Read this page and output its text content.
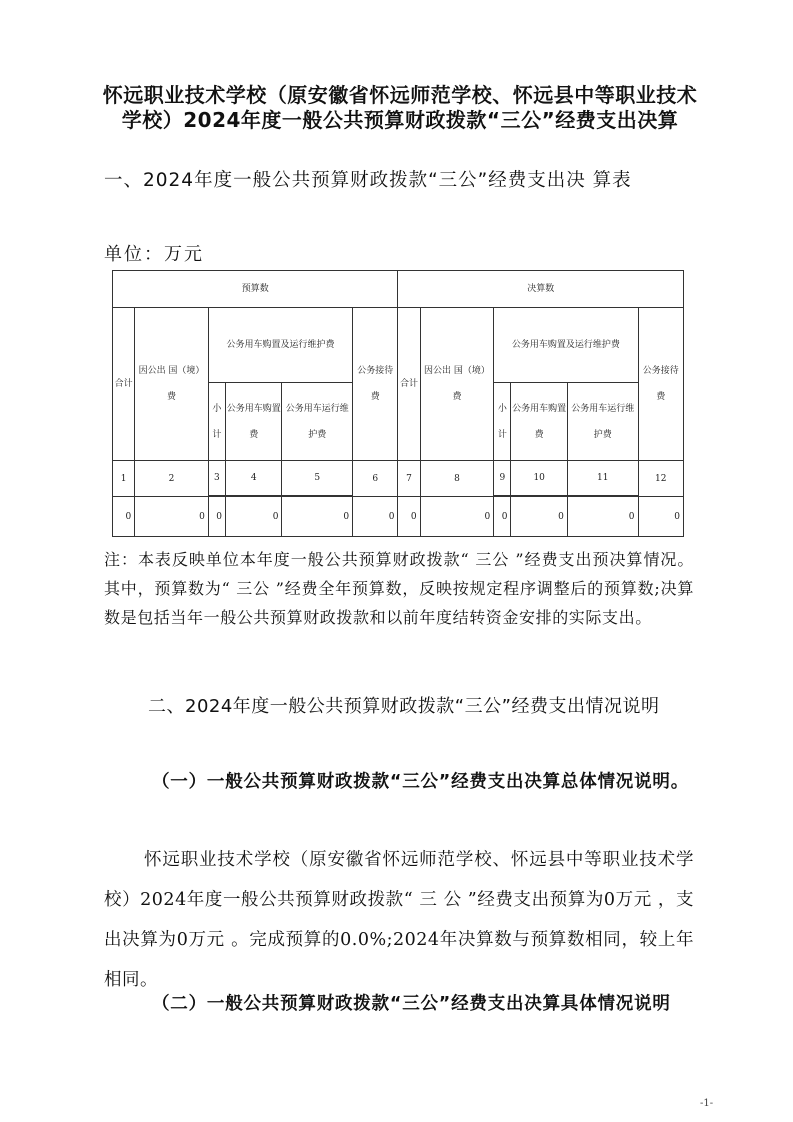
怀远职业技术学校（原安徽省怀远师范学校、怀远县中等职业技术学校）2024年度一般公共预算财政拨款“三公”经费支出决算
一、2024年度一般公共预算财政拨款“三公”经费支出决 算表
单位：万元
预算数						决算数					
合计	因公出 国（境）费	公务用车购置及运行维护费			公务接待费	合计	因公出 国（境）费	公务用车购置及运行维护费			公务接待费
		小计	公务用车购置费	公务用车运行维护费				小计	公务用车购置费	公务用车运行维护费	
1	2	3	4	5	6	7	8	9	10	11	12

0	0	0	0	0	0	0	0	0	0	0	0
注：本表反映单位本年度一般公共预算财政拨款“ 三公 ”经费支出预决算情况。其中，预算数为“ 三公 ”经费全年预算数，反映按规定程序调整后的预算数;决算数是包括当年一般公共预算财政拨款和以前年度结转资金安排的实际支出。
二、2024年度一般公共预算财政拨款“三公”经费支出情况说明
（一）一般公共预算财政拨款“三公”经费支出决算总体情况说明。
怀远职业技术学校（原安徽省怀远师范学校、怀远县中等职业技术学校）2024年度一般公共预算财政拨款“ 三 公 ”经费支出预算为0万元 ，支出决算为0万元 。完成预算的0.0%;2024年决算数与预算数相同，较上年相同。
（二）一般公共预算财政拨款“三公”经费支出决算具体情况说明
-1-
